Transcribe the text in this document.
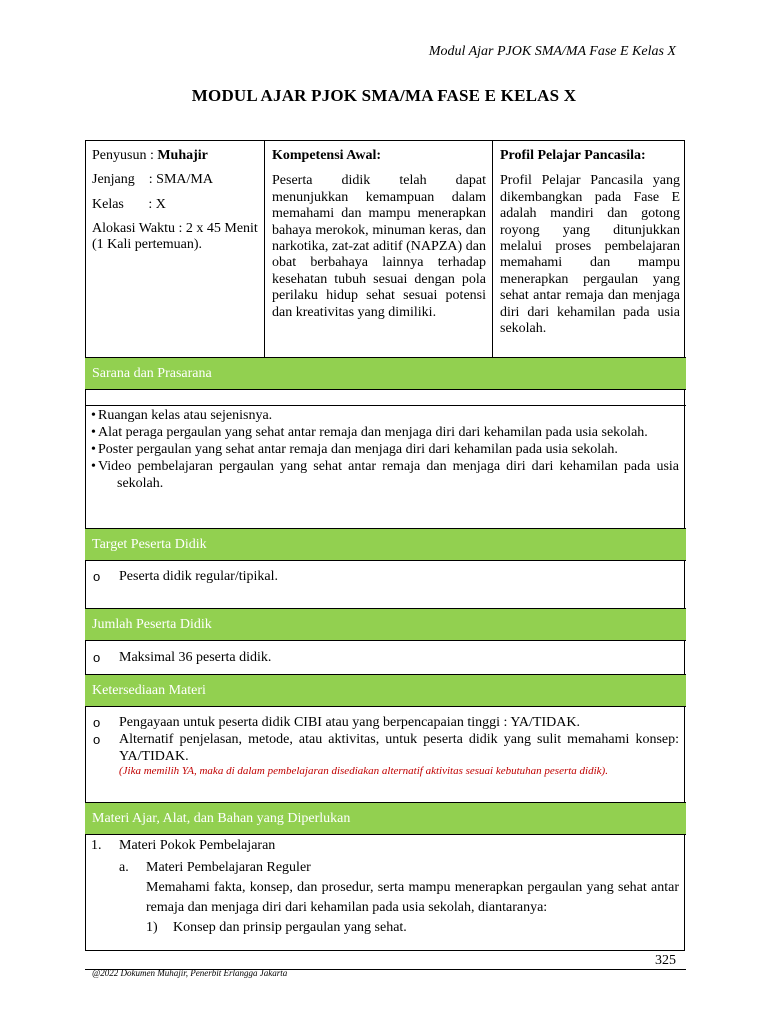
Modul Ajar PJOK SMA/MA Fase E Kelas X
MODUL AJAR PJOK SMA/MA FASE E KELAS X
Penyusun : Muhajir
Jenjang    : SMA/MA
Kelas       : X
Alokasi Waktu : 2 x 45 Menit (1 Kali pertemuan).
Kompetensi Awal:
Peserta didik telah dapat menunjukkan kemampuan dalam memahami dan mampu menerapkan bahaya merokok, minuman keras, dan narkotika, zat-zat aditif (NAPZA) dan obat berbahaya lainnya terhadap kesehatan tubuh sesuai dengan pola perilaku hidup sehat sesuai potensi dan kreativitas yang dimiliki.
Profil Pelajar Pancasila:
Profil Pelajar Pancasila yang dikembangkan pada Fase E adalah mandiri dan gotong royong yang ditunjukkan melalui proses pembelajaran memahami dan mampu menerapkan pergaulan yang sehat antar remaja dan menjaga diri dari kehamilan pada usia sekolah.
Sarana dan Prasarana
• Ruangan kelas atau sejenisnya.
• Alat peraga pergaulan yang sehat antar remaja dan menjaga diri dari kehamilan pada usia sekolah.
• Poster pergaulan yang sehat antar remaja dan menjaga diri dari kehamilan pada usia sekolah.
• Video pembelajaran pergaulan yang sehat antar remaja dan menjaga diri dari kehamilan pada usia sekolah.
Target Peserta Didik
o Peserta didik regular/tipikal.
Jumlah Peserta Didik
o Maksimal 36 peserta didik.
Ketersediaan Materi
o Pengayaan untuk peserta didik CIBI atau yang berpencapaian tinggi : YA/TIDAK.
o Alternatif penjelasan, metode, atau aktivitas, untuk peserta didik yang sulit memahami konsep: YA/TIDAK.
(Jika memilih YA, maka di dalam pembelajaran disediakan alternatif aktivitas sesuai kebutuhan peserta didik).
Materi Ajar, Alat, dan Bahan yang Diperlukan
1. Materi Pokok Pembelajaran
a. Materi Pembelajaran Reguler
Memahami fakta, konsep, dan prosedur, serta mampu menerapkan pergaulan yang sehat antar remaja dan menjaga diri dari kehamilan pada usia sekolah, diantaranya:
1) Konsep dan prinsip pergaulan yang sehat.
325
@2022 Dokumen Muhajir, Penerbit Erlangga Jakarta
